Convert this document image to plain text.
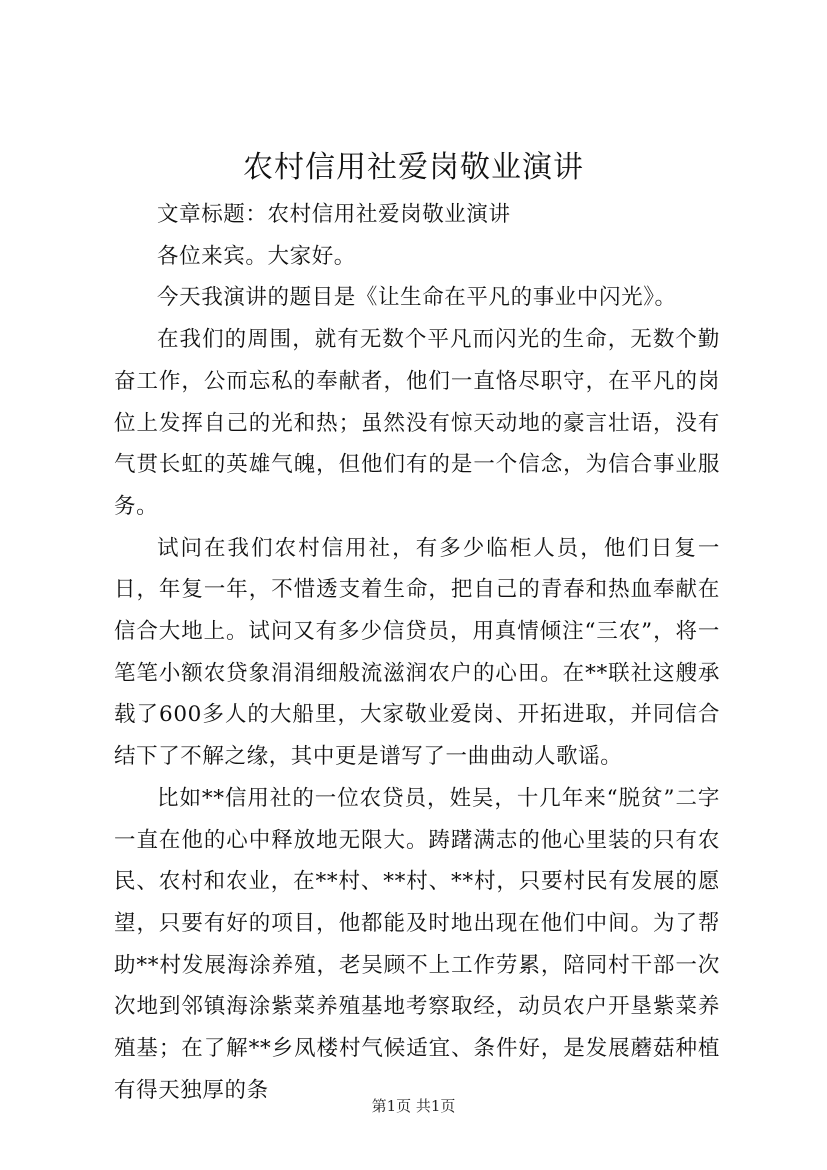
农村信用社爱岗敬业演讲

文章标题：农村信用社爱岗敬业演讲

各位来宾。大家好。

今天我演讲的题目是《让生命在平凡的事业中闪光》。

在我们的周围，就有无数个平凡而闪光的生命，无数个勤奋工作，公而忘私的奉献者，他们一直恪尽职守，在平凡的岗位上发挥自己的光和热；虽然没有惊天动地的豪言壮语，没有气贯长虹的英雄气魄，但他们有的是一个信念，为信合事业服务。

试问在我们农村信用社，有多少临柜人员，他们日复一日，年复一年，不惜透支着生命，把自己的青春和热血奉献在信合大地上。试问又有多少信贷员，用真情倾注“三农”，将一笔笔小额农贷象涓涓细般流滋润农户的心田。在**联社这艘承载了600多人的大船里，大家敬业爱岗、开拓进取，并同信合结下了不解之缘，其中更是谱写了一曲曲动人歌谣。

比如**信用社的一位农贷员，姓吴，十几年来“脱贫”二字一直在他的心中释放地无限大。踌躇满志的他心里装的只有农民、农村和农业，在**村、**村、**村，只要村民有发展的愿望，只要有好的项目，他都能及时地出现在他们中间。为了帮助**村发展海涂养殖，老吴顾不上工作劳累，陪同村干部一次次地到邻镇海涂紫菜养殖基地考察取经，动员农户开垦紫菜养殖基；在了解**乡凤楼村气候适宜、条件好，是发展蘑菇种植有得天独厚的条

第1页 共1页
